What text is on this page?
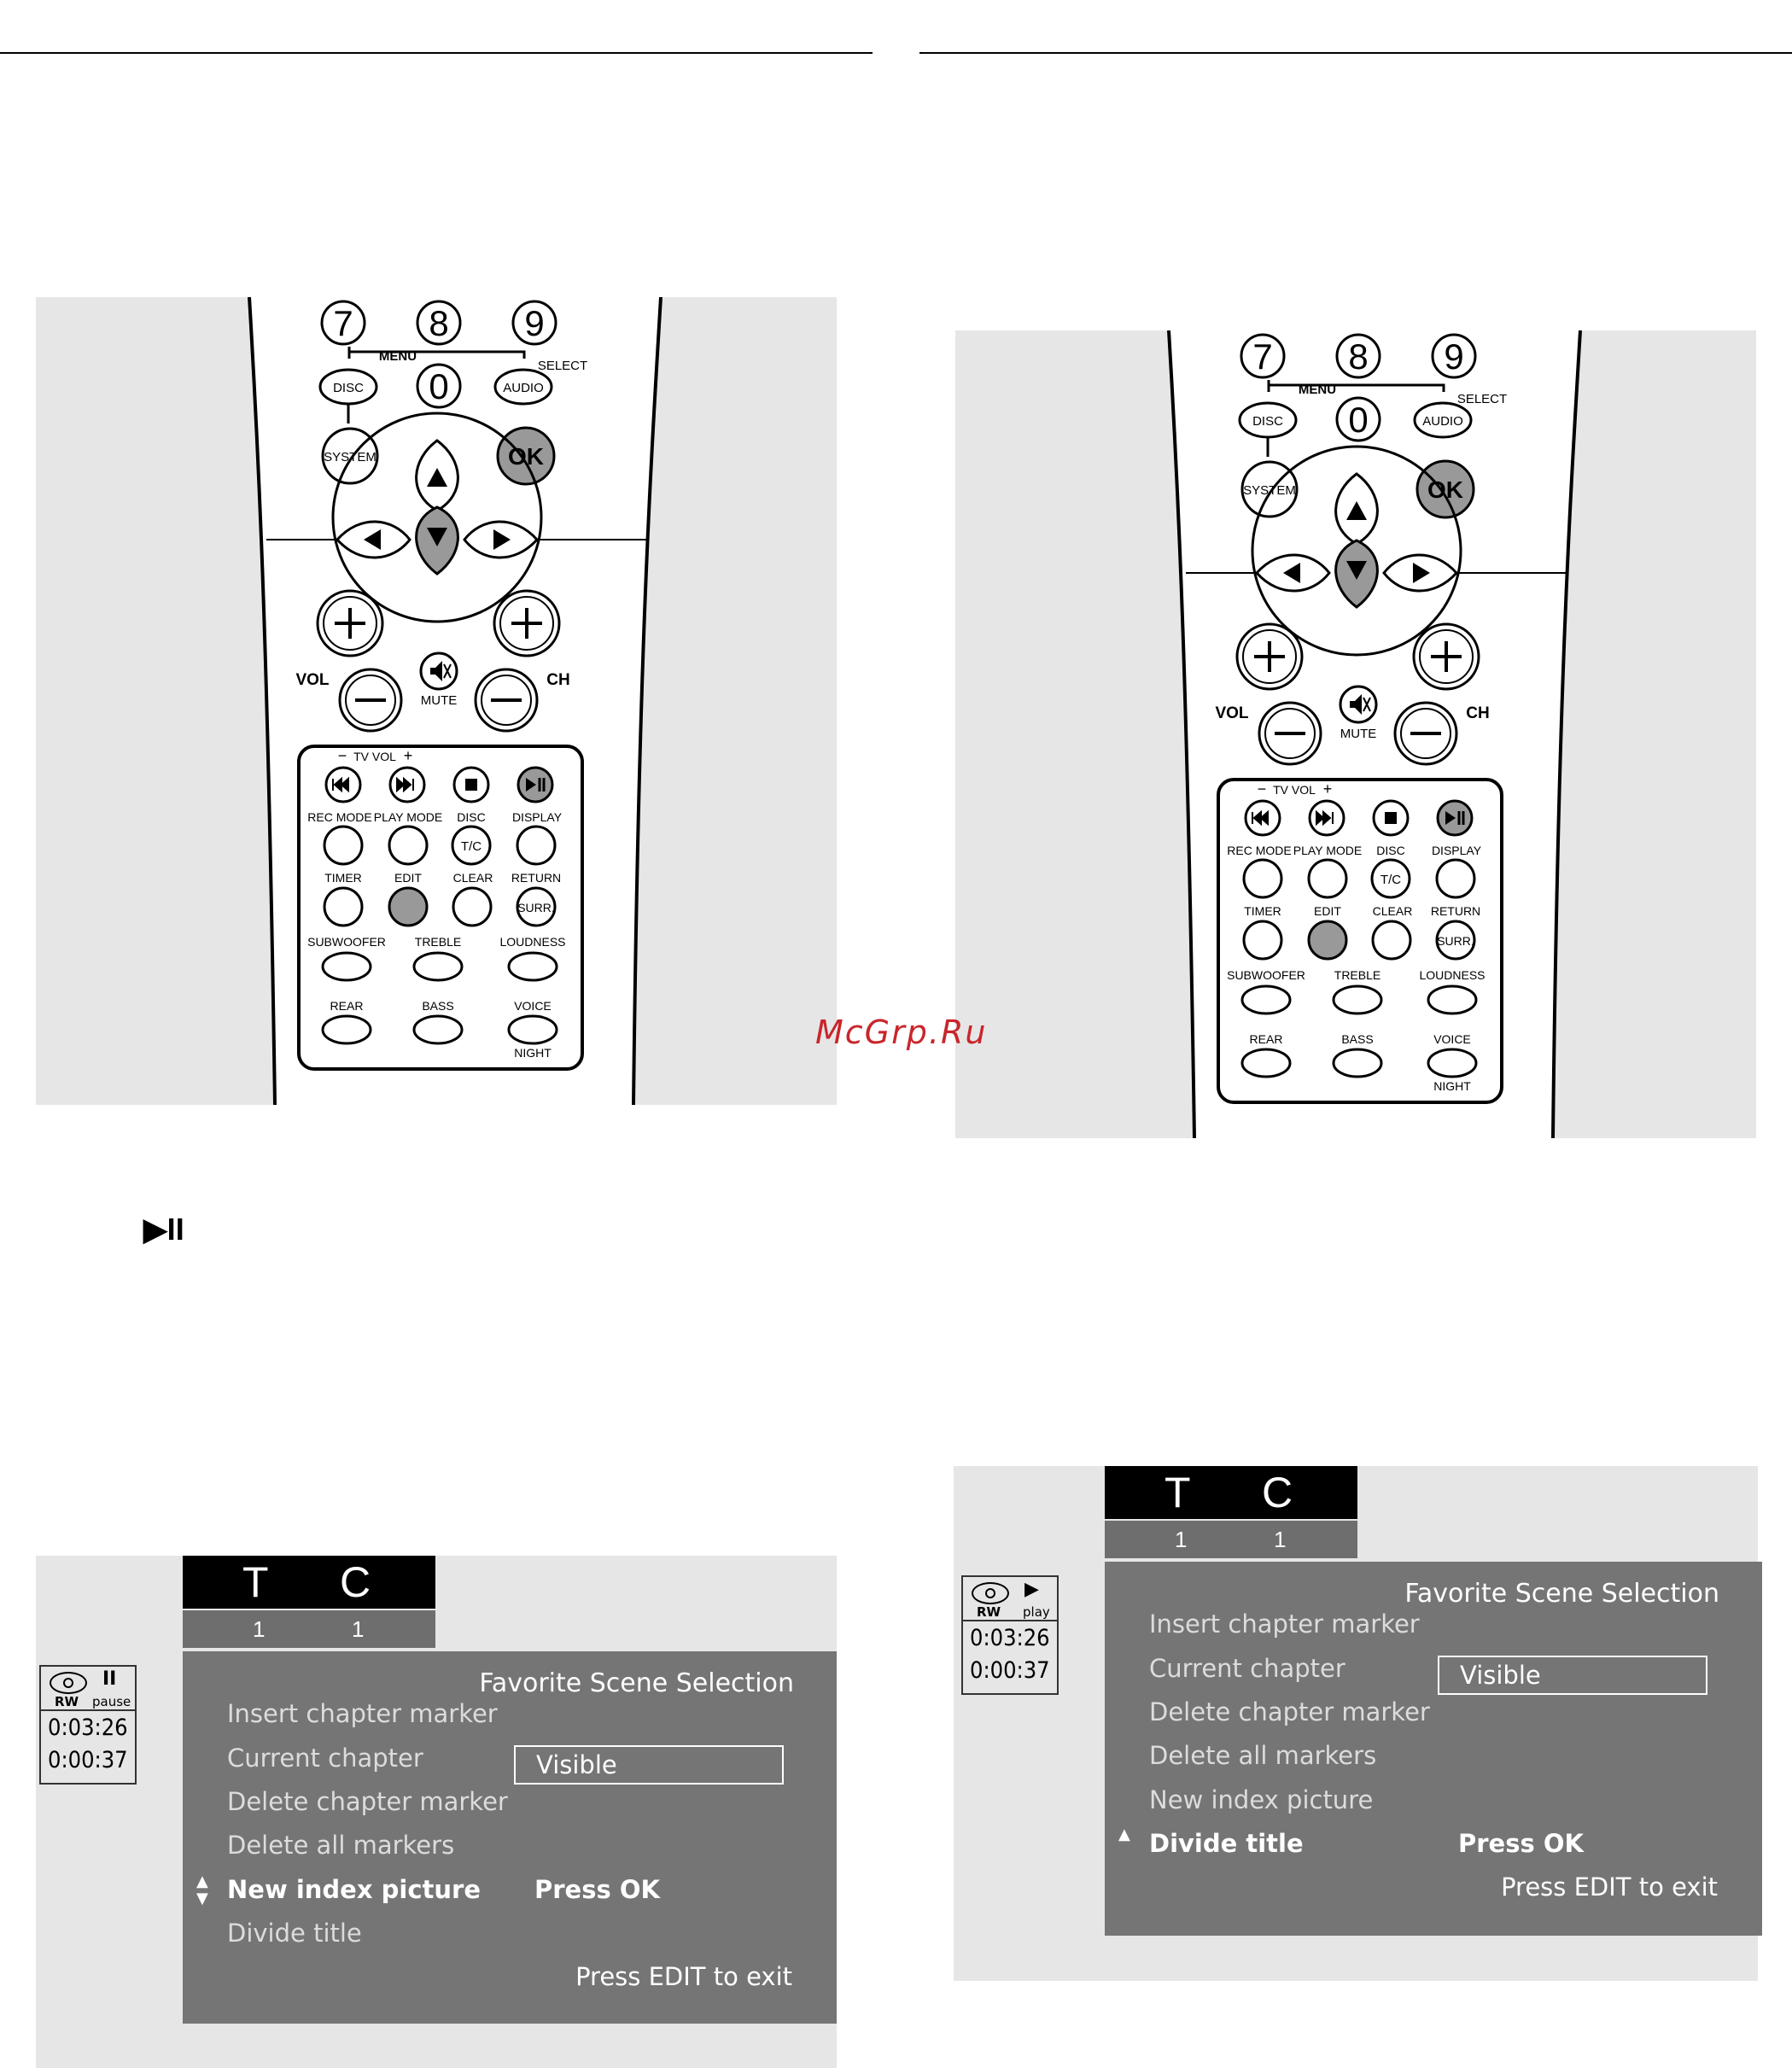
7 8 9
MENU
SELECT
DISC 0	AUDIO
SYSTEM	OK
VOL	CH
MUTE
TV VOL
−	+
REC MODE PLAY MODE DISC DISPLAY
T/C
TIMER	EDIT	CLEAR RETURN
SURR.
SUBWOOFER TREBLE	LOUDNESS
REAR	BASS	VOICE
NIGHT
7 8 9
MENU
SELECT
DISC 0	AUDIO
SYSTEM	OK
VOL	CH
MUTE
TV VOL
−	+
REC MODE PLAY MODE DISC DISPLAY
T/C
TIMER	EDIT	CLEAR RETURN
SURR.
SUBWOOFER TREBLE	LOUDNESS
REAR	BASS	VOICE
NIGHT
▶II
McGrp.Ru
T C
1	1
RW
II
pause
0:03:26
0:00:37
Favorite Scene Selection
Insert chapter marker
Current chapter	Visible
Delete chapter marker
Delete all markers
▲
▼ New index picture Press OK
Divide title
Press EDIT to exit
T C
1	1
RW
▶
play
0:03:26
0:00:37
Favorite Scene Selection
Insert chapter marker
Current chapter	Visible
Delete chapter marker
Delete all markers
New index picture
▲ Divide title	Press OK
Press EDIT to exit
